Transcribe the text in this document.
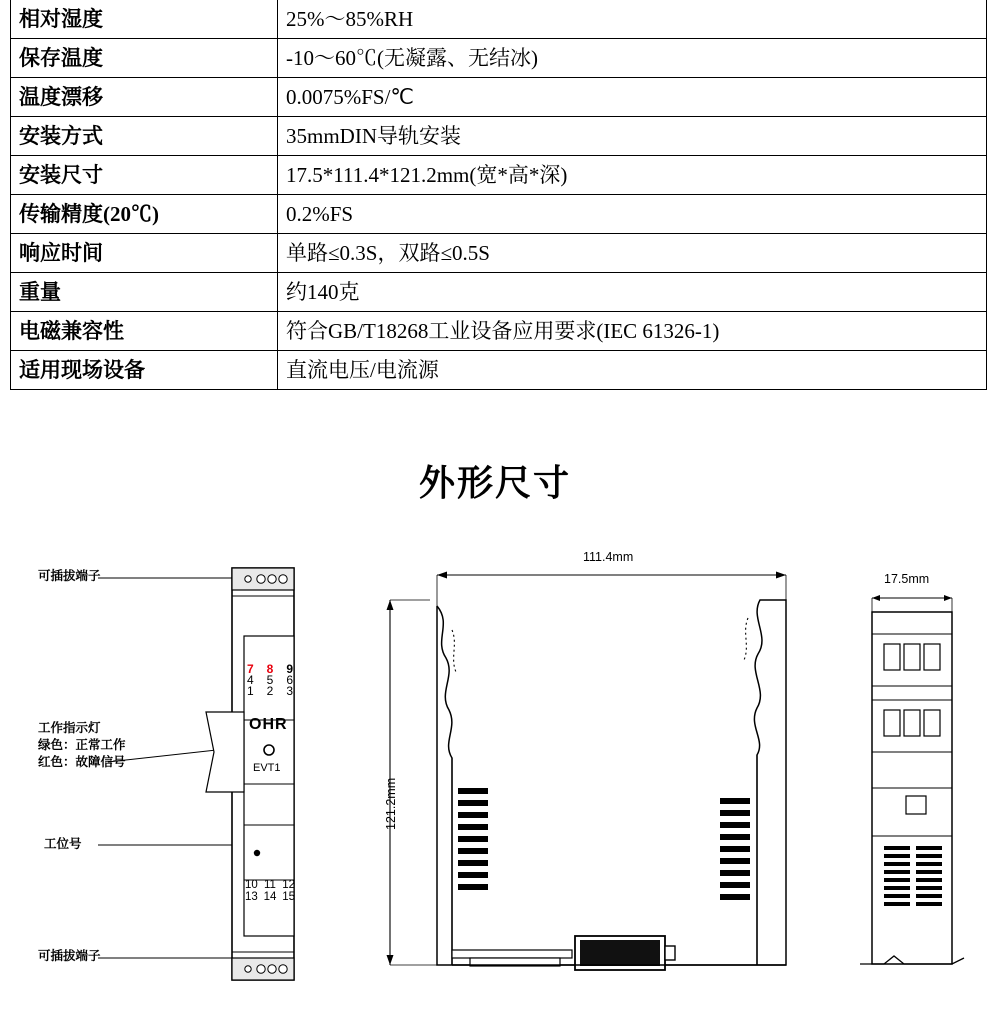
相对湿度	25%～85%RH
保存温度	-10～60℃(无凝露、无结冰)
温度漂移	0.0075%FS/℃
安装方式	35mmDIN导轨安装
安装尺寸	17.5*111.4*121.2mm(宽*高*深)
传输精度(20℃)	0.2%FS
响应时间	单路≤0.3S，双路≤0.5S
重量	约140克
电磁兼容性	符合GB/T18268工业设备应用要求(IEC 61326-1)
适用现场设备	直流电压/电流源
外形尺寸
可插拔端子
工作指示灯
绿色：正常工作
红色：故障信号
工位号
可插拔端子
7 8 9
4 5 6
1 2 3
OHR
EVT1
10 11 12
13 14 15
111.4mm
121.2mm
17.5mm
